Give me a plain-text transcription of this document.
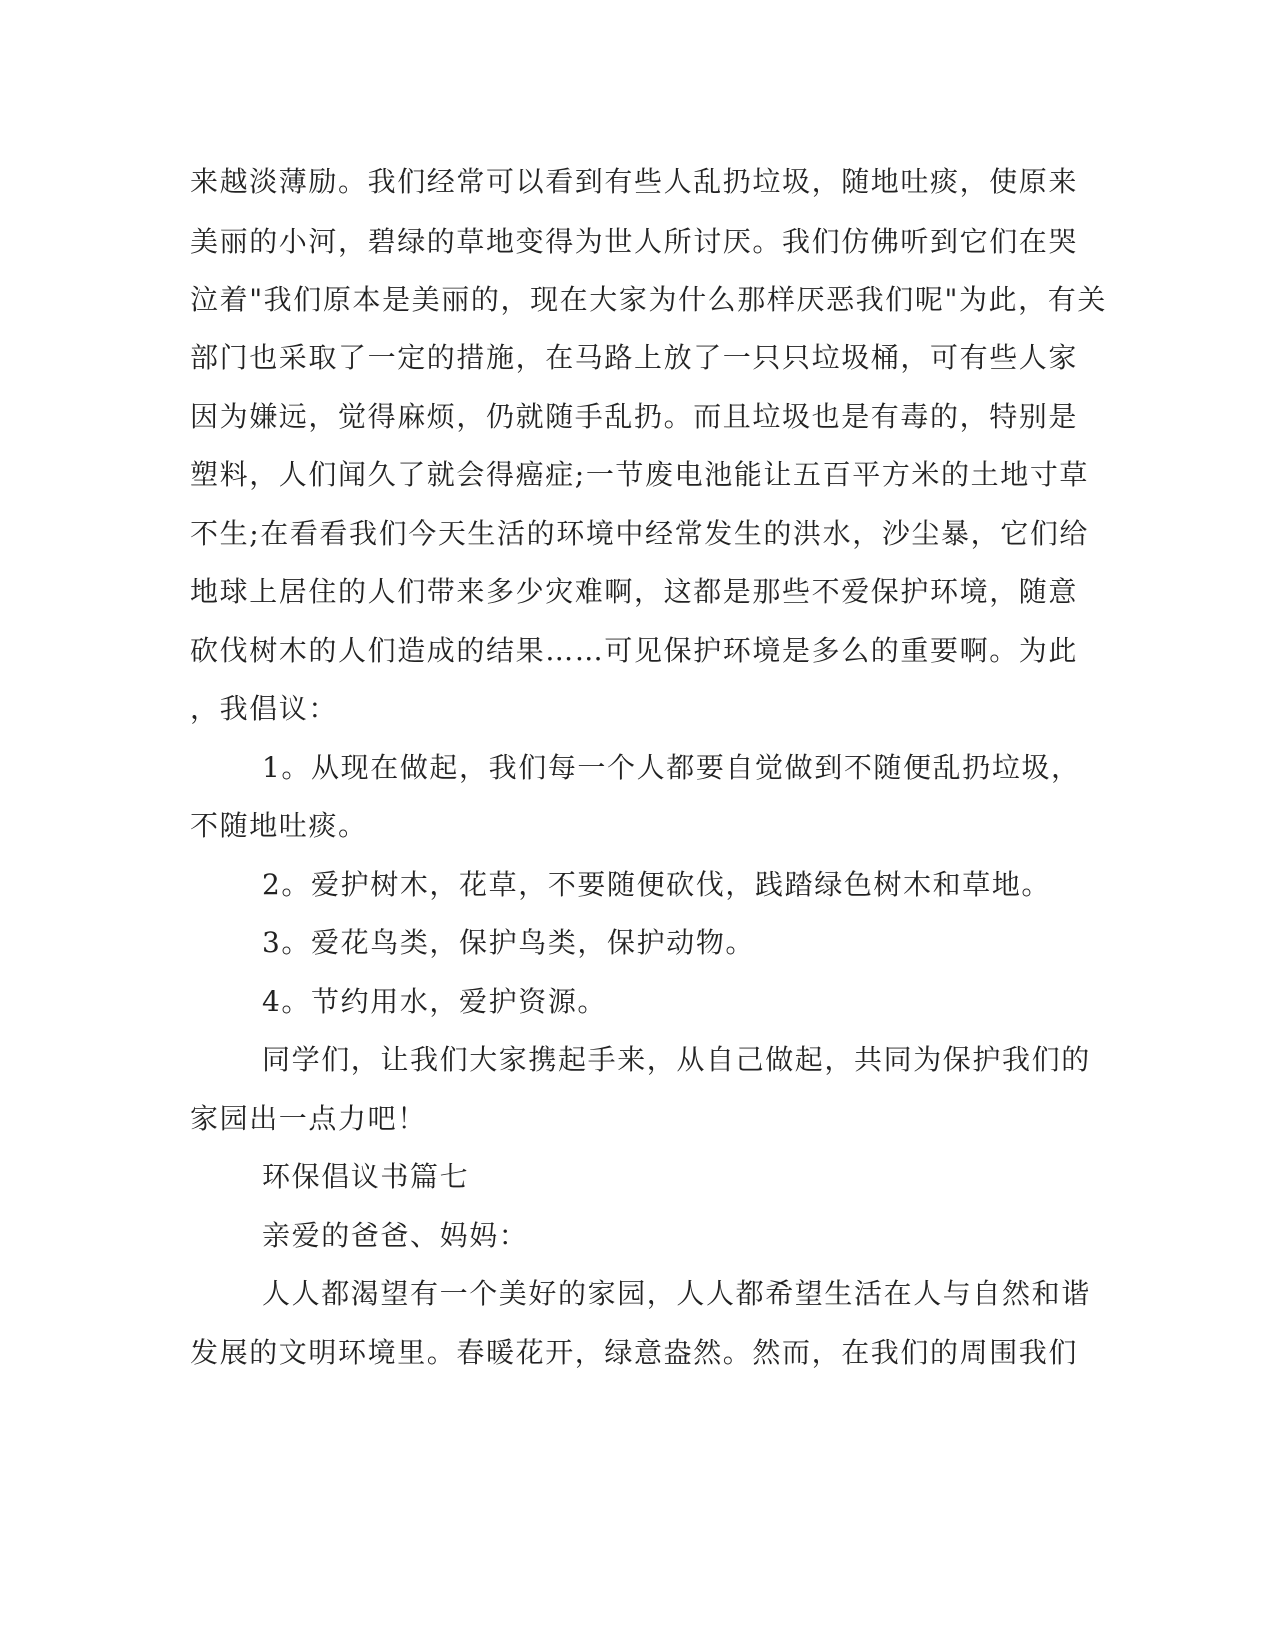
来越淡薄励。我们经常可以看到有些人乱扔垃圾，随地吐痰，使原来
美丽的小河，碧绿的草地变得为世人所讨厌。我们仿佛听到它们在哭
泣着"我们原本是美丽的，现在大家为什么那样厌恶我们呢"为此，有关
部门也采取了一定的措施，在马路上放了一只只垃圾桶，可有些人家
因为嫌远，觉得麻烦，仍就随手乱扔。而且垃圾也是有毒的，特别是
塑料，人们闻久了就会得癌症;一节废电池能让五百平方米的土地寸草
不生;在看看我们今天生活的环境中经常发生的洪水，沙尘暴，它们给
地球上居住的人们带来多少灾难啊，这都是那些不爱保护环境，随意
砍伐树木的人们造成的结果……可见保护环境是多么的重要啊。为此
，我倡议：
1。从现在做起，我们每一个人都要自觉做到不随便乱扔垃圾，
不随地吐痰。
2。爱护树木，花草，不要随便砍伐，践踏绿色树木和草地。
3。爱花鸟类，保护鸟类，保护动物。
4。节约用水，爱护资源。
同学们，让我们大家携起手来，从自己做起，共同为保护我们的
家园出一点力吧！
环保倡议书篇七
亲爱的爸爸、妈妈：
人人都渴望有一个美好的家园，人人都希望生活在人与自然和谐
发展的文明环境里。春暖花开，绿意盎然。然而，在我们的周围我们
